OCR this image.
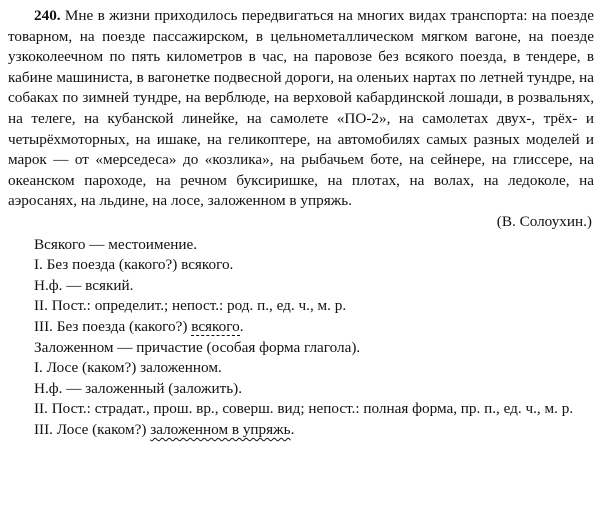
240. Мне в жизни приходилось передвигаться на многих видах транспорта: на поезде товарном, на поезде пассажирском, в цельнометаллическом мягком вагоне, на поезде узкоколеечном по пять километров в час, на паровозе без всякого поезда, в тендере, в кабине машиниста, в вагонетке подвесной дороги, на оленьих нартах по летней тундре, на собаках по зимней тундре, на верблюде, на верховой кабардинской лошади, в розвальнях, на телеге, на кубанской линейке, на самолете «ПО-2», на самолетах двух-, трёх- и четырёхмоторных, на ишаке, на геликоптере, на автомобилях самых разных моделей и марок — от «мерседеса» до «козлика», на рыбачьем боте, на сейнере, на глиссере, на океанском пароходе, на речном буксиришке, на плотах, на волах, на ледоколе, на аэросанях, на льдине, на лосе, заложенном в упряжь.

(В. Солоухин.)

Всякого — местоимение.
I. Без поезда (какого?) всякого.
Н.ф. — всякий.
II. Пост.: определит.; непост.: род. п., ед. ч., м. р.
III. Без поезда (какого?) всякого.
Заложенном — причастие (особая форма глагола).
I. Лосе (каком?) заложенном.
Н.ф. — заложенный (заложить).
II. Пост.: страдат., прош. вр., соверш. вид; непост.: полная форма, пр. п., ед. ч., м. р.
III. Лосе (каком?) заложенном в упряжь.
